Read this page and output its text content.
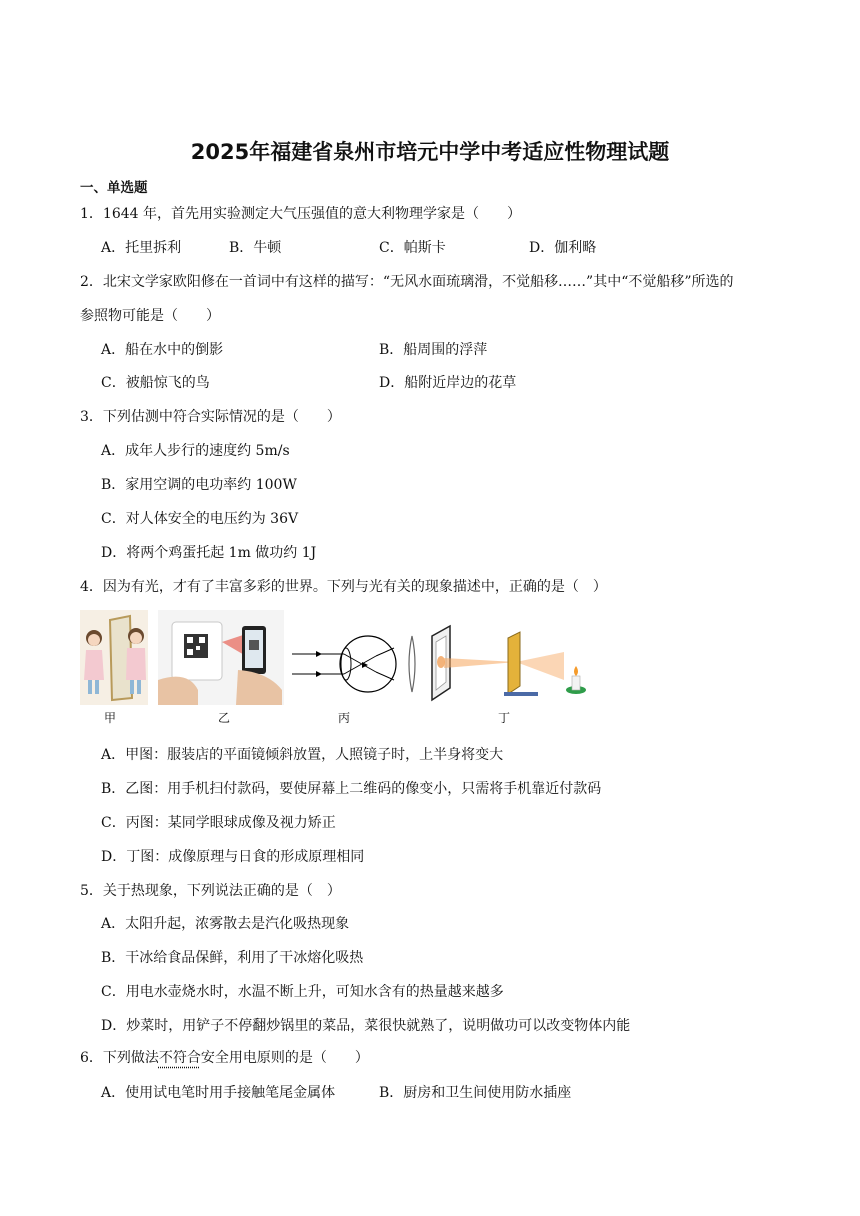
2025年福建省泉州市培元中学中考适应性物理试题
一、单选题
1．1644 年，首先用实验测定大气压强值的意大利物理学家是（　　）
A．托里拆利	B．牛顿	C．帕斯卡	D．伽利略
2．北宋文学家欧阳修在一首词中有这样的描写：“无风水面琉璃滑，不觉船移……”其中“不觉船移”所选的
参照物可能是（　　）
A．船在水中的倒影	B．船周围的浮萍
C．被船惊飞的鸟	D．船附近岸边的花草
3．下列估测中符合实际情况的是（　　）
A．成年人步行的速度约 5m/s
B．家用空调的电功率约 100W
C．对人体安全的电压约为 36V
D．将两个鸡蛋托起 1m 做功约 1J
4．因为有光，才有了丰富多彩的世界。下列与光有关的现象描述中，正确的是（　）
甲	乙	丙	丁
A．甲图：服装店的平面镜倾斜放置，人照镜子时，上半身将变大
B．乙图：用手机扫付款码，要使屏幕上二维码的像变小，只需将手机靠近付款码
C．丙图：某同学眼球成像及视力矫正
D．丁图：成像原理与日食的形成原理相同
5．关于热现象，下列说法正确的是（　）
A．太阳升起，浓雾散去是汽化吸热现象
B．干冰给食品保鲜，利用了干冰熔化吸热
C．用电水壶烧水时，水温不断上升，可知水含有的热量越来越多
D．炒菜时，用铲子不停翻炒锅里的菜品，菜很快就熟了，说明做功可以改变物体内能
6．下列做法不符合安全用电原则的是（　　）
A．使用试电笔时用手接触笔尾金属体	B．厨房和卫生间使用防水插座
